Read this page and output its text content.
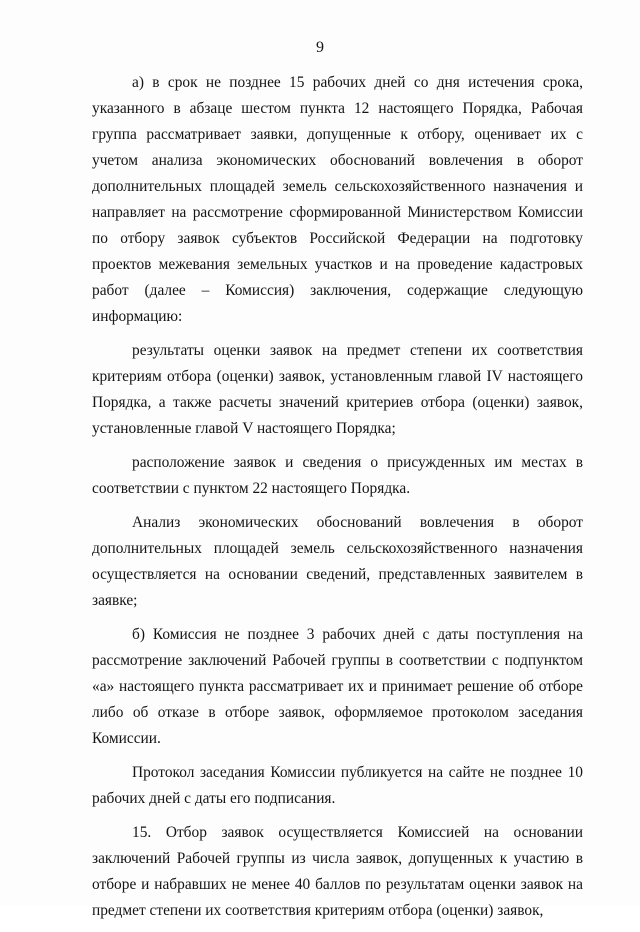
9

а) в срок не позднее 15 рабочих дней со дня истечения срока, указанного в абзаце шестом пункта 12 настоящего Порядка, Рабочая группа рассматривает заявки, допущенные к отбору, оценивает их с учетом анализа экономических обоснований вовлечения в оборот дополнительных площадей земель сельскохозяйственного назначения и направляет на рассмотрение сформированной Министерством Комиссии по отбору заявок субъектов Российской Федерации на подготовку проектов межевания земельных участков и на проведение кадастровых работ (далее – Комиссия) заключения, содержащие следующую информацию:

результаты оценки заявок на предмет степени их соответствия критериям отбора (оценки) заявок, установленным главой IV настоящего Порядка, а также расчеты значений критериев отбора (оценки) заявок, установленные главой V настоящего Порядка;

расположение заявок и сведения о присужденных им местах в соответствии с пунктом 22 настоящего Порядка.

Анализ экономических обоснований вовлечения в оборот дополнительных площадей земель сельскохозяйственного назначения осуществляется на основании сведений, представленных заявителем в заявке;

б) Комиссия не позднее 3 рабочих дней с даты поступления на рассмотрение заключений Рабочей группы в соответствии с подпунктом «а» настоящего пункта рассматривает их и принимает решение об отборе либо об отказе в отборе заявок, оформляемое протоколом заседания Комиссии.

Протокол заседания Комиссии публикуется на сайте не позднее 10 рабочих дней с даты его подписания.

15. Отбор заявок осуществляется Комиссией на основании заключений Рабочей группы из числа заявок, допущенных к участию в отборе и набравших не менее 40 баллов по результатам оценки заявок на предмет степени их соответствия критериям отбора (оценки) заявок,
